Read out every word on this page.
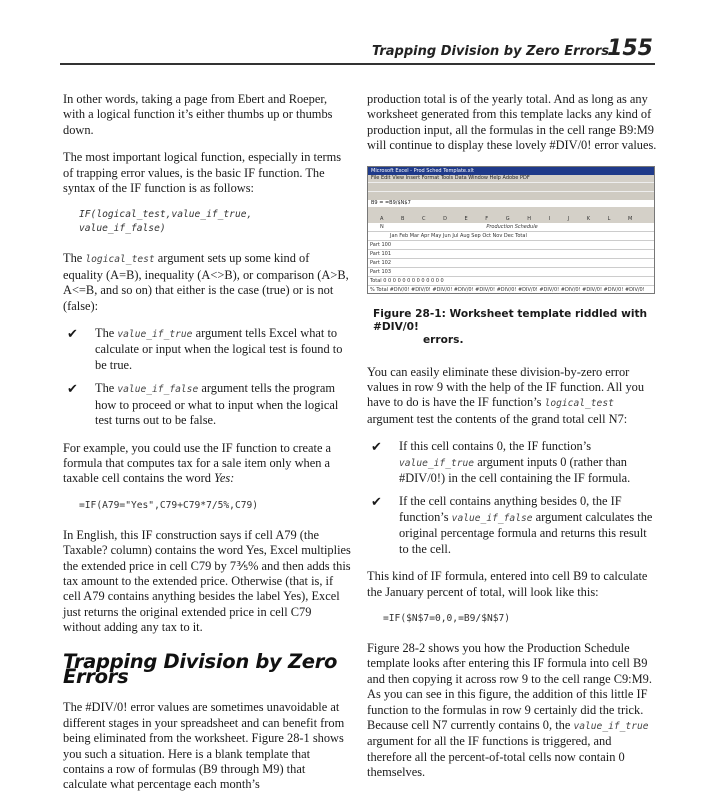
Trapping Division by Zero Errors
155

In other words, taking a page from Ebert and Roeper, with a logical function it’s either thumbs up or thumbs down.

The most important logical function, especially in terms of trapping error values, is the basic IF function. The syntax of the IF function is as follows:

IF(logical_test,value_if_true,
value_if_false)

The logical_test argument sets up some kind of equality (A=B), inequality (A<>B), or comparison (A>B, A<=B, and so on) that either is the case (true) or is not (false):

✔ The value_if_true argument tells Excel what to calculate or input when the logical test is found to be true.
✔ The value_if_false argument tells the program how to proceed or what to input when the logical test turns out to be false.

For example, you could use the IF function to create a formula that computes tax for a sale item only when a taxable cell contains the word Yes:

=IF(A79="Yes",C79+C79*7/5%,C79)

In English, this IF construction says if cell A79 (the Taxable? column) contains the word Yes, Excel multiplies the extended price in cell C79 by 7⅗% and then adds this tax amount to the extended price. Otherwise (that is, if cell A79 contains anything besides the label Yes), Excel just returns the original extended price in cell C79 without adding any tax to it.

Trapping Division by Zero Errors

The #DIV/0! error values are sometimes unavoidable at different stages in your spreadsheet and can benefit from being eliminated from the worksheet. Figure 28-1 shows you such a situation. Here is a blank template that contains a row of formulas (B9 through M9) that calculate what percentage each month’s

production total is of the yearly total. And as long as any worksheet generated from this template lacks any kind of production input, all the formulas in the cell range B9:M9 will continue to display these lovely #DIV/0! error values.

Microsoft Excel - Prod Sched Template.xlt
File Edit View Insert Format Tools Data Window Help Adobe PDF
B9 = =B9/$N$7
A B C D E F G H I J K L M N	Production Schedule
Jan Feb Mar Apr May Jun Jul Aug Sep Oct Nov Dec Total
Part 100
Part 101
Part 102
Part 103
Total 0 0 0 0 0 0 0 0 0 0 0 0 0
% Total #DIV/0! #DIV/0! #DIV/0! #DIV/0! #DIV/0! #DIV/0! #DIV/0! #DIV/0! #DIV/0! #DIV/0! #DIV/0! #DIV/0!
Figure 28-1: Worksheet template riddled with #DIV/0!
errors.

You can easily eliminate these division-by-zero error values in row 9 with the help of the IF function. All you have to do is have the IF function’s logical_test argument test the contents of the grand total cell N7:

✔ If this cell contains 0, the IF function’s value_if_true argument inputs 0 (rather than #DIV/0!) in the cell containing the IF formula.
✔ If the cell contains anything besides 0, the IF function’s value_if_false argument calculates the original percentage formula and returns this result to the cell.

This kind of IF formula, entered into cell B9 to calculate the January percent of total, will look like this:

=IF($N$7=0,0,=B9/$N$7)

Figure 28-2 shows you how the Production Schedule template looks after entering this IF formula into cell B9 and then copying it across row 9 to the cell range C9:M9. As you can see in this figure, the addition of this little IF function to the formulas in row 9 certainly did the trick. Because cell N7 currently contains 0, the value_if_true argument for all the IF functions is triggered, and therefore all the percent-of-total cells now contain 0 themselves.
